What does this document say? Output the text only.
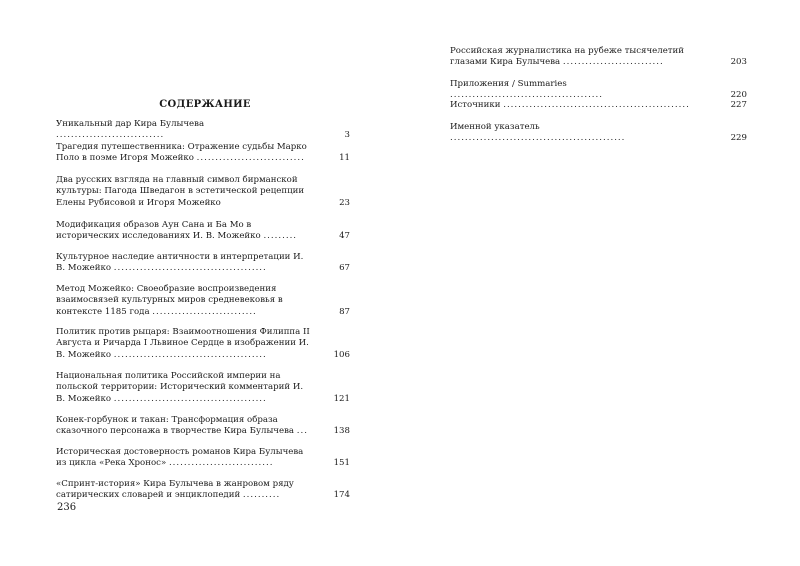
СОДЕРЖАНИЕ
Уникальный дар Кира Булычева .............................	3
Трагедия путешественника: Отражение судьбы Марко Поло в поэме Игоря Можейко .............................	11
Два русских взгляда на главный символ бирманской культуры: Пагода Шведагон в эстетической рецепции Елены Рубисовой и Игоря Можейко	23
Модификация образов Аун Сана и Ба Мо в исторических исследованиях И. В. Можейко .........	47
Культурное наследие античности в интерпретации И. В. Можейко .........................................	67
Метод Можейко: Своеобразие воспроизведения взаимосвязей культурных миров средневековья в контексте 1185 года ............................	87
Политик против рыцаря: Взаимоотношения Филиппа II Августа и Ричарда I Львиное Сердце в изображении И. В. Можейко .........................................	106
Национальная политика Российской империи на польской территории: Исторический комментарий И. В. Можейко .........................................	121
Конек-горбунок и такан: Трансформация образа сказочного персонажа в творчестве Кира Булычева ...	138
Историческая достоверность романов Кира Булычева из цикла «Река Хронос» ............................	151
«Спринт-история» Кира Булычева в жанровом ряду сатирических словарей и энциклопедий ..........	174
236
Российская журналистика на рубеже тысячелетий глазами Кира Булычева ...........................	203
Приложения / Summaries .........................................	220
Источники ..................................................	227
Именной указатель ...............................................	229
